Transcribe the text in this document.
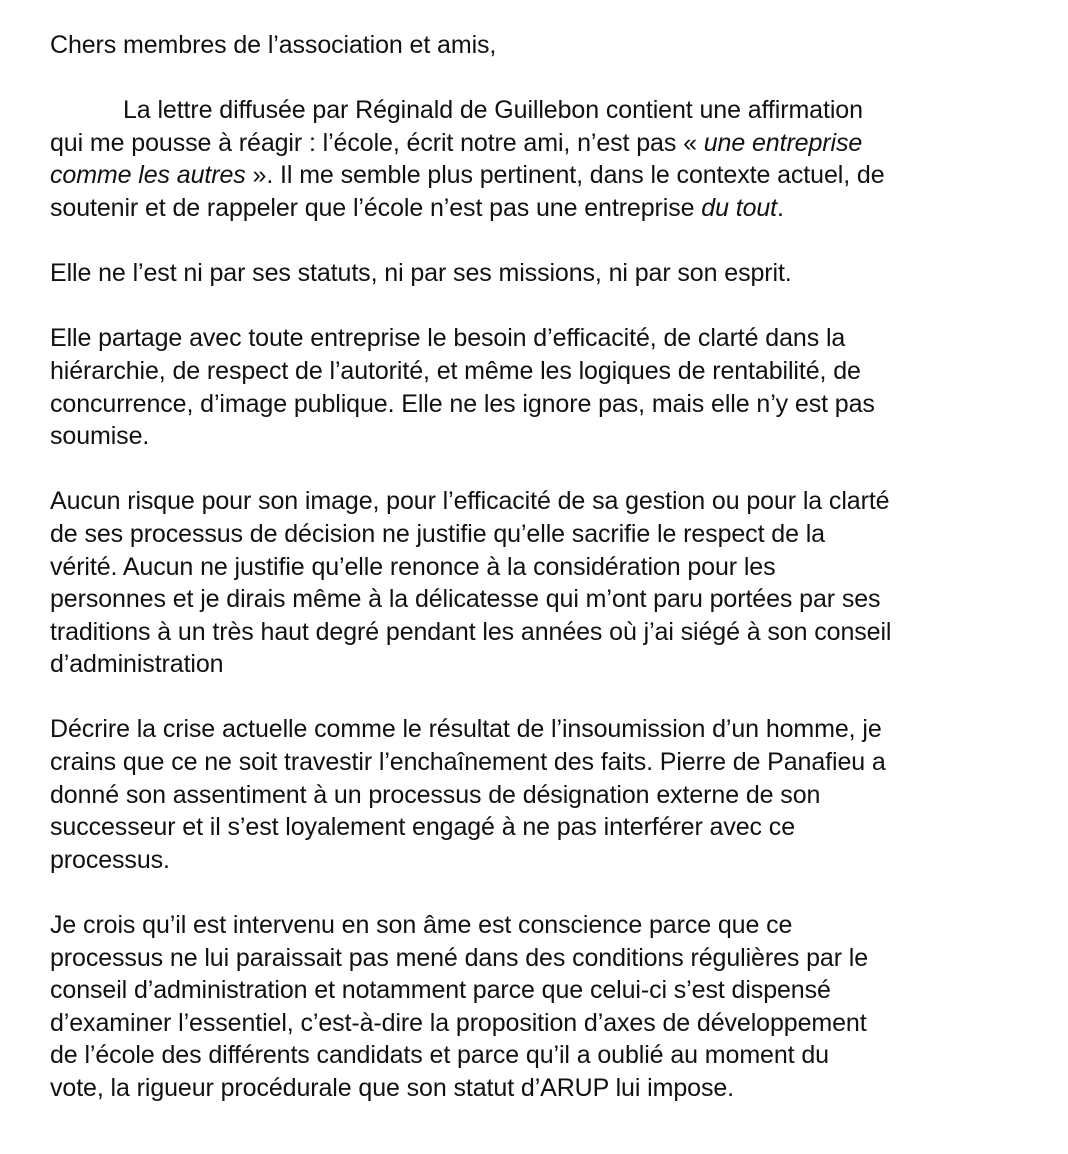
Chers membres de l’association et amis,

La lettre diffusée par Réginald de Guillebon contient une affirmation
qui me pousse à réagir : l’école, écrit notre ami, n’est pas « une entreprise
comme les autres ». Il me semble plus pertinent, dans le contexte actuel, de
soutenir et de rappeler que l’école n’est pas une entreprise du tout.

Elle ne l’est ni par ses statuts, ni par ses missions, ni par son esprit.

Elle partage avec toute entreprise le besoin d’efficacité, de clarté dans la
hiérarchie, de respect de l’autorité, et même les logiques de rentabilité, de
concurrence, d’image publique. Elle ne les ignore pas, mais elle n’y est pas
soumise.

Aucun risque pour son image, pour l’efficacité de sa gestion ou pour la clarté
de ses processus de décision ne justifie qu’elle sacrifie le respect de la
vérité. Aucun ne justifie qu’elle renonce à la considération pour les
personnes et je dirais même à la délicatesse qui m’ont paru portées par ses
traditions à un très haut degré pendant les années où j’ai siégé à son conseil
d’administration

Décrire la crise actuelle comme le résultat de l’insoumission d’un homme, je
crains que ce ne soit travestir l’enchaînement des faits. Pierre de Panafieu a
donné son assentiment à un processus de désignation externe de son
successeur et il s’est loyalement engagé à ne pas interférer avec ce
processus.

Je crois qu’il est intervenu en son âme est conscience parce que ce
processus ne lui paraissait pas mené dans des conditions régulières par le
conseil d’administration et notamment parce que celui-ci s’est dispensé
d’examiner l’essentiel, c’est-à-dire la proposition d’axes de développement
de l’école des différents candidats et parce qu’il a oublié au moment du
vote, la rigueur procédurale que son statut d’ARUP lui impose.
